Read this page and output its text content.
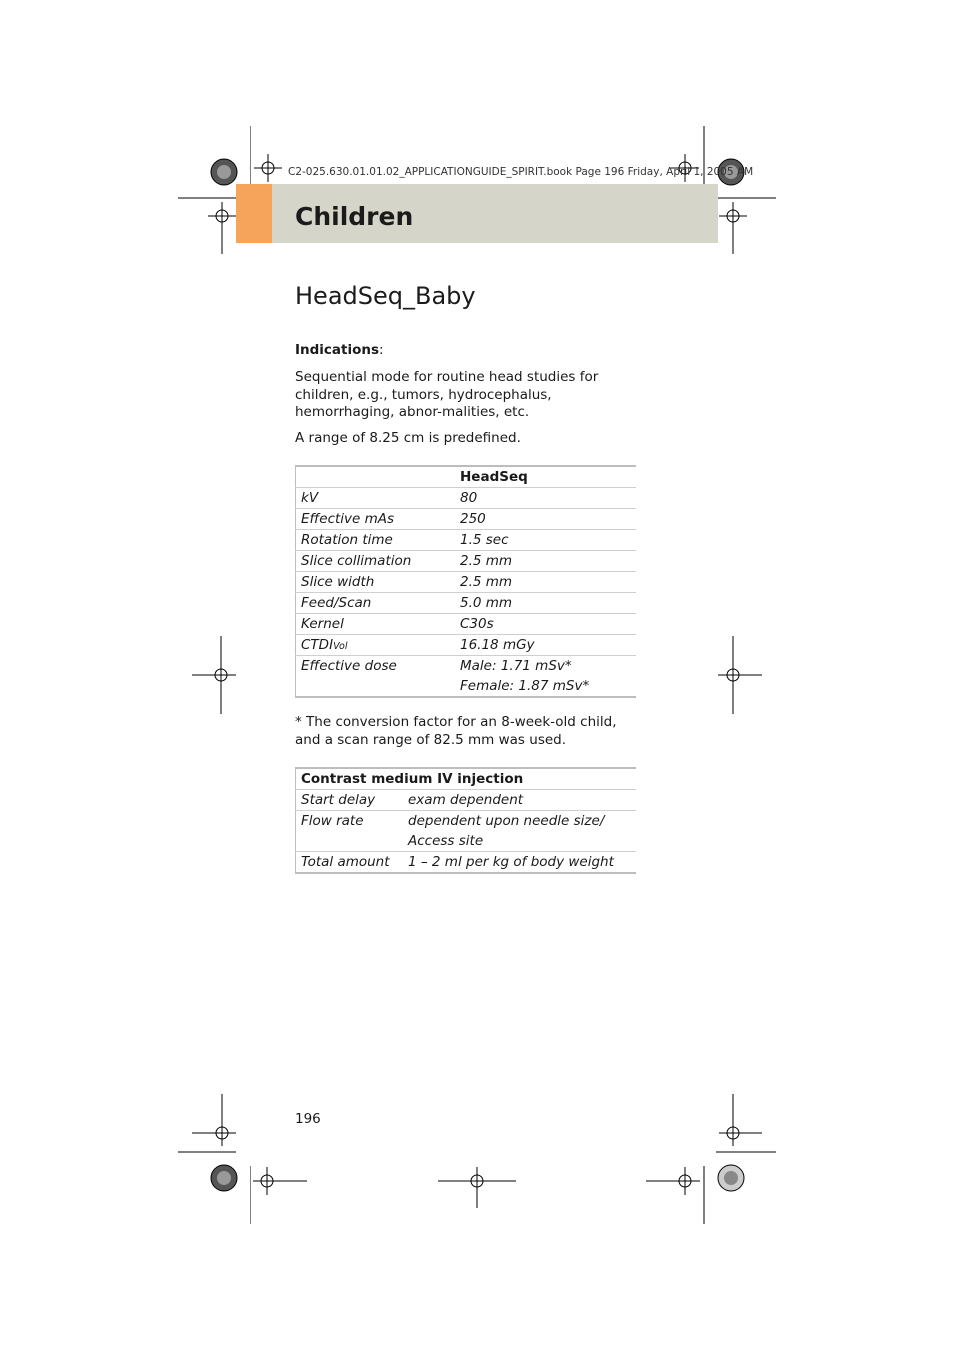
C2-025.630.01.01.02_APPLICATIONGUIDE_SPIRIT.book Page 196 Friday, April 1, 2005 AM
Children
HeadSeq_Baby
Indications:
Sequential mode for routine head studies for children, e.g., tumors, hydrocephalus, hemorrhaging, abnor-malities, etc.
A range of 8.25 cm is predefined.
	HeadSeq
kV	80
Effective mAs	250
Rotation time	1.5 sec
Slice collimation	2.5 mm
Slice width	2.5 mm
Feed/Scan	5.0 mm
Kernel	C30s
CTDIVol	16.18 mGy

Effective dose	Male: 1.71 mSv*
Female: 1.87 mSv*
* The conversion factor for an 8-week-old child, and a scan range of 82.5 mm was used.
Contrast medium IV injection	
Start delay	exam dependent

Flow rate	dependent upon needle size/
Access site

Total amount	1 – 2 ml per kg of body weight
196
